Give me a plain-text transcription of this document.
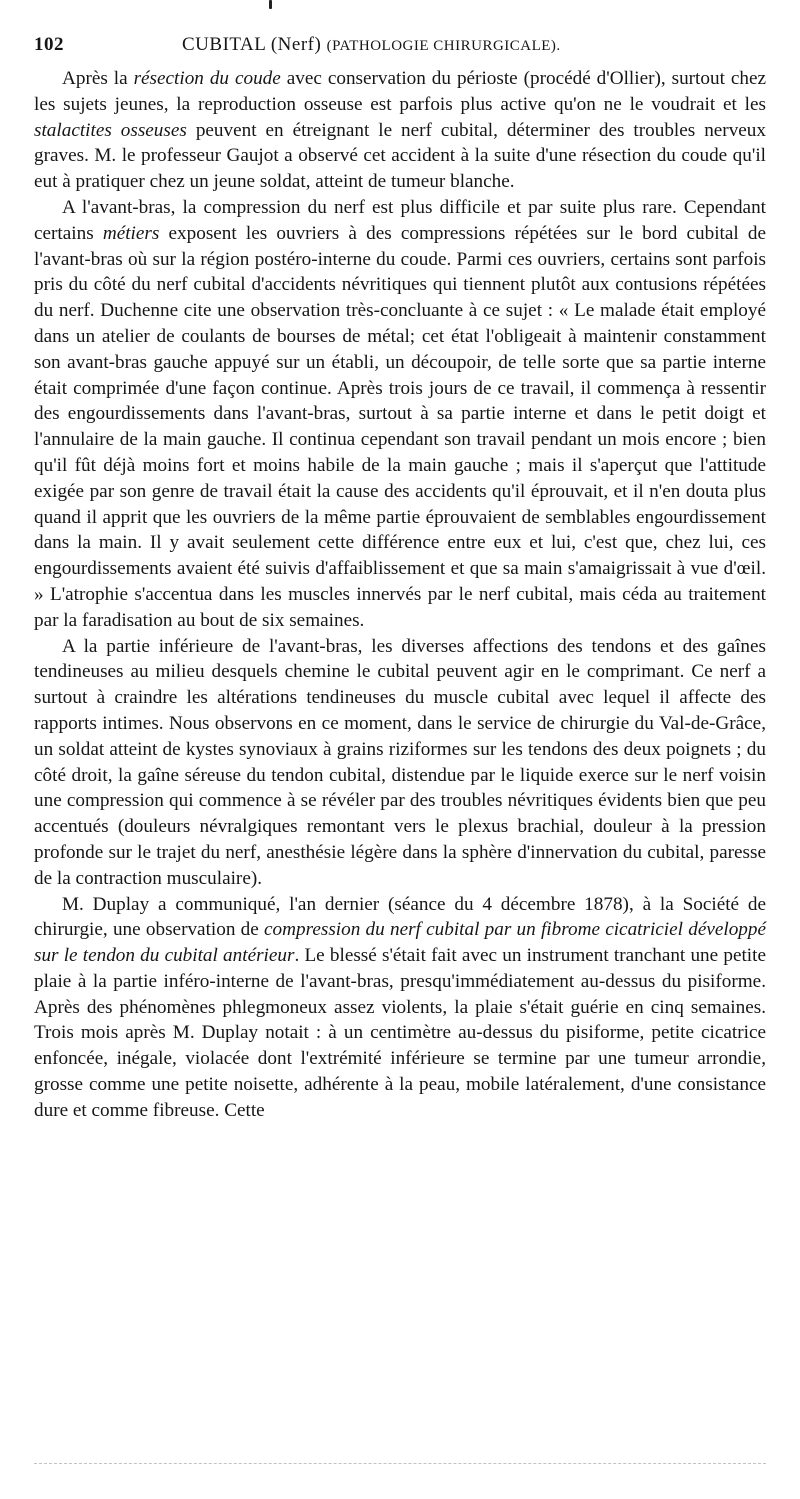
102	CUBITAL (Nerf) (PATHOLOGIE CHIRURGICALE).

Après la résection du coude avec conservation du périoste (procédé d'Ollier), surtout chez les sujets jeunes, la reproduction osseuse est parfois plus active qu'on ne le voudrait et les stalactites osseuses peuvent en étreignant le nerf cubital, déterminer des troubles nerveux graves. M. le professeur Gaujot a observé cet accident à la suite d'une résection du coude qu'il eut à pratiquer chez un jeune soldat, atteint de tumeur blanche.

A l'avant-bras, la compression du nerf est plus difficile et par suite plus rare. Cependant certains métiers exposent les ouvriers à des compressions répétées sur le bord cubital de l'avant-bras où sur la région postéro-interne du coude. Parmi ces ouvriers, certains sont parfois pris du côté du nerf cubital d'accidents névritiques qui tiennent plutôt aux contusions répétées du nerf. Duchenne cite une observation très-concluante à ce sujet : « Le malade était employé dans un atelier de coulants de bourses de métal; cet état l'obligeait à maintenir constamment son avant-bras gauche appuyé sur un établi, un découpoir, de telle sorte que sa partie interne était comprimée d'une façon continue. Après trois jours de ce travail, il commença à ressentir des engourdissements dans l'avant-bras, surtout à sa partie interne et dans le petit doigt et l'annulaire de la main gauche. Il continua cependant son travail pendant un mois encore ; bien qu'il fût déjà moins fort et moins habile de la main gauche ; mais il s'aperçut que l'attitude exigée par son genre de travail était la cause des accidents qu'il éprouvait, et il n'en douta plus quand il apprit que les ouvriers de la même partie éprouvaient de semblables engourdissement dans la main. Il y avait seulement cette différence entre eux et lui, c'est que, chez lui, ces engourdissements avaient été suivis d'affaiblissement et que sa main s'amaigrissait à vue d'œil. » L'atrophie s'accentua dans les muscles innervés par le nerf cubital, mais céda au traitement par la faradisation au bout de six semaines.

A la partie inférieure de l'avant-bras, les diverses affections des tendons et des gaînes tendineuses au milieu desquels chemine le cubital peuvent agir en le comprimant. Ce nerf a surtout à craindre les altérations tendineuses du muscle cubital avec lequel il affecte des rapports intimes. Nous observons en ce moment, dans le service de chirurgie du Val-de-Grâce, un soldat atteint de kystes synoviaux à grains riziformes sur les tendons des deux poignets ; du côté droit, la gaîne séreuse du tendon cubital, distendue par le liquide exerce sur le nerf voisin une compression qui commence à se révéler par des troubles névritiques évidents bien que peu accentués (douleurs névralgiques remontant vers le plexus brachial, douleur à la pression profonde sur le trajet du nerf, anesthésie légère dans la sphère d'innervation du cubital, paresse de la contraction musculaire).

M. Duplay a communiqué, l'an dernier (séance du 4 décembre 1878), à la Société de chirurgie, une observation de compression du nerf cubital par un fibrome cicatriciel développé sur le tendon du cubital antérieur. Le blessé s'était fait avec un instrument tranchant une petite plaie à la partie inféro-interne de l'avant-bras, presqu'immédiatement au-dessus du pisiforme. Après des phénomènes phlegmoneux assez violents, la plaie s'était guérie en cinq semaines. Trois mois après M. Duplay notait : à un centimètre au-dessus du pisiforme, petite cicatrice enfoncée, inégale, violacée dont l'extrémité inférieure se termine par une tumeur arrondie, grosse comme une petite noisette, adhérente à la peau, mobile latéralement, d'une consistance dure et comme fibreuse. Cette
